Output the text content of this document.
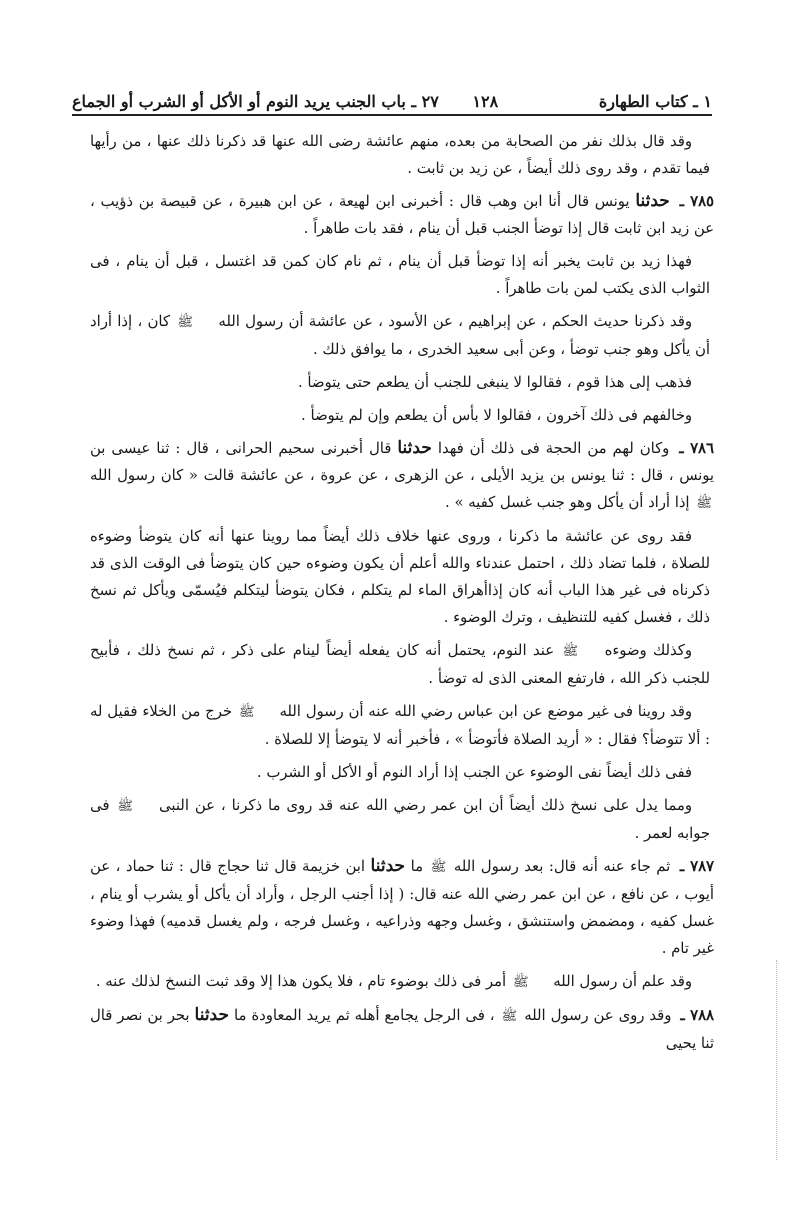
١ ـ كتاب الطهارة
١٢٨ ٢٧ ـ باب الجنب يريد النوم أو الأكل أو الشرب أو الجماع

وقد قال بذلك نفر من الصحابة من بعده، منهم عائشة رضى الله عنها قد ذكرنا ذلك عنها ، من رأيها فيما تقدم ، وقد روى ذلك أيضاً ، عن زيد بن ثابت .

٧٨٥ ـ حدثنا يونس قال أنا ابن وهب قال : أخبرنى ابن لهيعة ، عن ابن هبيرة ، عن قبيصة بن ذؤيب ، عن زيد ابن ثابت قال إذا توضأ الجنب قبل أن ينام ، فقد بات طاهراً .

فهذا زيد بن ثابت يخبر أنه إذا توضأ قبل أن ينام ، ثم نام كان كمن قد اغتسل ، قبل أن ينام ، فى الثواب الذى يكتب لمن بات طاهراً .

وقد ذكرنا حديث الحكم ، عن إبراهيم ، عن الأسود ، عن عائشة أن رسول الله ﷺ كان ، إذا أراد أن يأكل وهو جنب توضأ ، وعن أبى سعيد الخدرى ، ما يوافق ذلك .

فذهب إلى هذا قوم ، فقالوا لا ينبغى للجنب أن يطعم حتى يتوضأ .

وخالفهم فى ذلك آخرون ، فقالوا لا بأس أن يطعم وإن لم يتوضأ .

٧٨٦ ـ وكان لهم من الحجة فى ذلك أن فهدا حدثنا قال أخبرنى سحيم الحرانى ، قال : ثنا عيسى بن يونس ، قال : ثنا يونس بن يزيد الأيلى ، عن الزهرى ، عن عروة ، عن عائشة قالت « كان رسول الله ﷺ إذا أراد أن يأكل وهو جنب غسل كفيه » .

فقد روى عن عائشة ما ذكرنا ، وروى عنها خلاف ذلك أيضاً مما روينا عنها أنه كان يتوضأ وضوءه للصلاة ، فلما تضاد ذلك ، احتمل عندناء والله أعلم أن يكون وضوءه حين كان يتوضأ فى الوقت الذى قد ذكرناه فى غير هذا الباب أنه كان إذاأهراق الماء لم يتكلم ، فكان يتوضأ ليتكلم فيُسمّى ويأكل ثم نسخ ذلك ، فغسل كفيه للتنظيف ، وترك الوضوء .

وكذلك وضوءه ﷺ عند النوم، يحتمل أنه كان يفعله أيضاً لينام على ذكر ، ثم نسخ ذلك ، فأبيح للجنب ذكر الله ، فارتفع المعنى الذى له توضأ .

وقد روينا فى غير موضع عن ابن عباس رضي الله عنه أن رسول الله ﷺ خرج من الخلاء فقيل له : ألا تتوضأ؟ فقال : « أريد الصلاة فأتوضأ » ، فأخبر أنه لا يتوضأ إلا للصلاة .

ففى ذلك أيضاً نفى الوضوء عن الجنب إذا أراد النوم أو الأكل أو الشرب .

ومما يدل على نسخ ذلك أيضاً أن ابن عمر رضي الله عنه قد روى ما ذكرنا ، عن النبى ﷺ فى جوابه لعمر .

٧٨٧ ـ ثم جاء عنه أنه قال: بعد رسول الله ﷺ ما حدثنا ابن خزيمة قال ثنا حجاج قال : ثنا حماد ، عن أيوب ، عن نافع ، عن ابن عمر رضي الله عنه قال: ( إذا أجنب الرجل ، وأراد أن يأكل أو يشرب أو ينام ، غسل كفيه ، ومضمض واستنشق ، وغسل وجهه وذراعيه ، وغسل فرجه ، ولم يغسل قدميه) فهذا وضوء غير تام .

وقد علم أن رسول الله ﷺ أمر فى ذلك بوضوء تام ، فلا يكون هذا إلا وقد ثبت النسخ لذلك عنه .

٧٨٨ ـ وقد روى عن رسول الله ﷺ ، فى الرجل يجامع أهله ثم يريد المعاودة ما حدثنا بحر بن نصر قال ثنا يحيى
